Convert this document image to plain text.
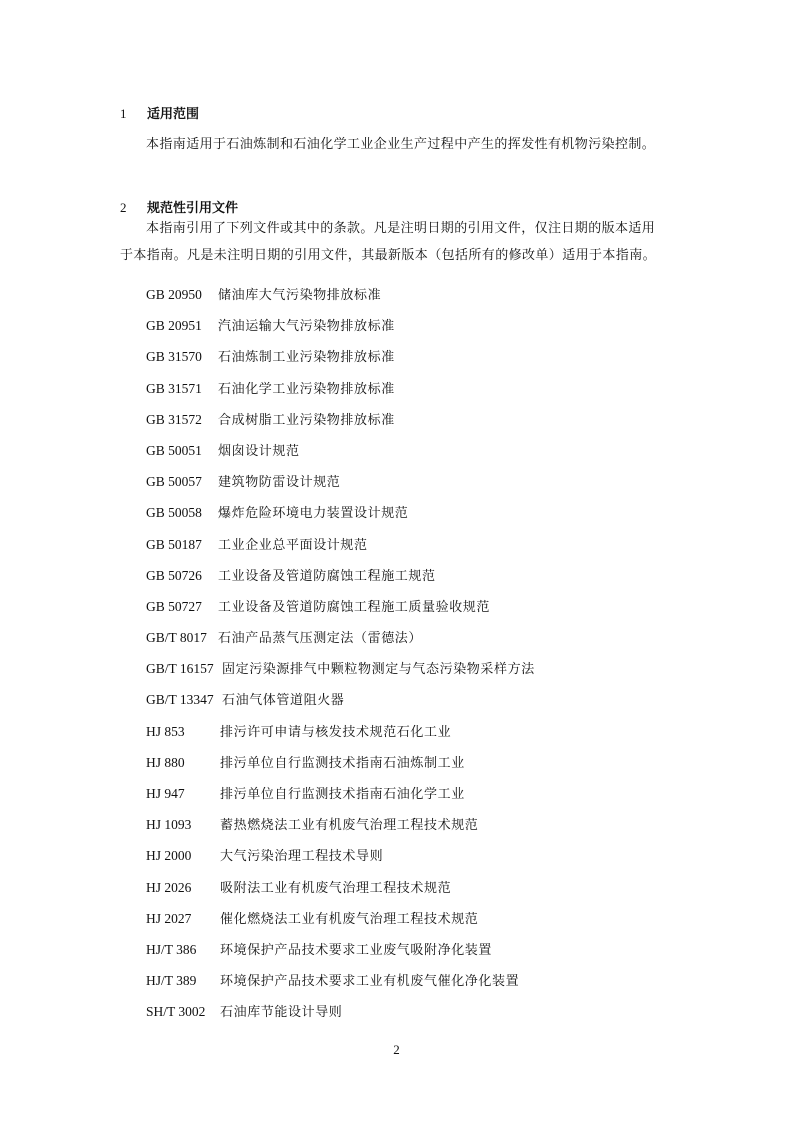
1 适用范围
本指南适用于石油炼制和石油化学工业企业生产过程中产生的挥发性有机物污染控制。
2 规范性引用文件
本指南引用了下列文件或其中的条款。凡是注明日期的引用文件，仅注日期的版本适用
于本指南。凡是未注明日期的引用文件，其最新版本（包括所有的修改单）适用于本指南。
GB 20950 储油库大气污染物排放标准
GB 20951 汽油运输大气污染物排放标准
GB 31570 石油炼制工业污染物排放标准
GB 31571 石油化学工业污染物排放标准
GB 31572 合成树脂工业污染物排放标准
GB 50051 烟囱设计规范
GB 50057 建筑物防雷设计规范
GB 50058 爆炸危险环境电力装置设计规范
GB 50187 工业企业总平面设计规范
GB 50726 工业设备及管道防腐蚀工程施工规范
GB 50727 工业设备及管道防腐蚀工程施工质量验收规范
GB/T 8017 石油产品蒸气压测定法（雷德法）
GB/T 16157 固定污染源排气中颗粒物测定与气态污染物采样方法
GB/T 13347 石油气体管道阻火器
HJ 853	排污许可申请与核发技术规范石化工业
HJ 880	排污单位自行监测技术指南石油炼制工业
HJ 947	排污单位自行监测技术指南石油化学工业
HJ 1093 蓄热燃烧法工业有机废气治理工程技术规范
HJ 2000 大气污染治理工程技术导则
HJ 2026 吸附法工业有机废气治理工程技术规范
HJ 2027 催化燃烧法工业有机废气治理工程技术规范
HJ/T 386 环境保护产品技术要求工业废气吸附净化装置
HJ/T 389 环境保护产品技术要求工业有机废气催化净化装置
SH/T 3002 石油库节能设计导则
2
